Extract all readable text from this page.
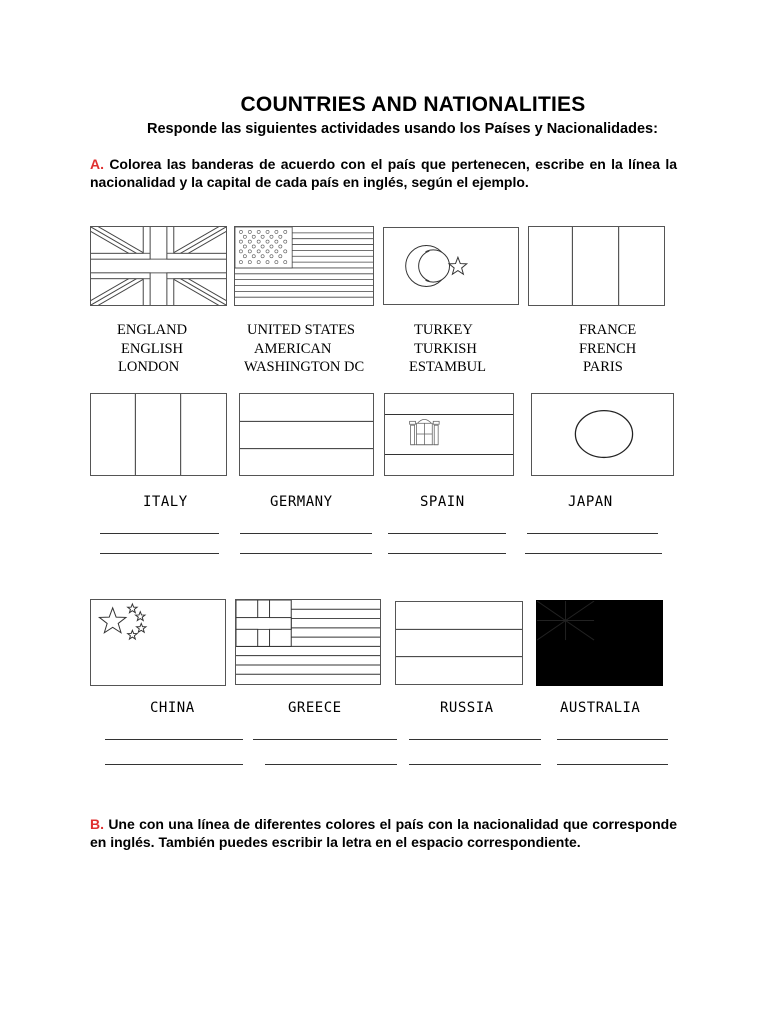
COUNTRIES AND NATIONALITIES
Responde las siguientes actividades usando los Países y Nacionalidades:
A. Colorea las banderas de acuerdo con el país que pertenecen, escribe en la línea la nacionalidad y la capital de cada país en inglés, según el ejemplo.
ENGLAND
ENGLISH
LONDON
UNITED STATES
AMERICAN
WASHINGTON DC
TURKEY
TURKISH
ESTAMBUL
FRANCE
FRENCH
PARIS
ITALY	GERMANY	SPAIN	JAPAN
CHINA	GREECE	RUSSIA	AUSTRALIA
B. Une con una línea de diferentes colores el país con la nacionalidad que corresponde en inglés. También puedes escribir la letra en el espacio correspondiente.
